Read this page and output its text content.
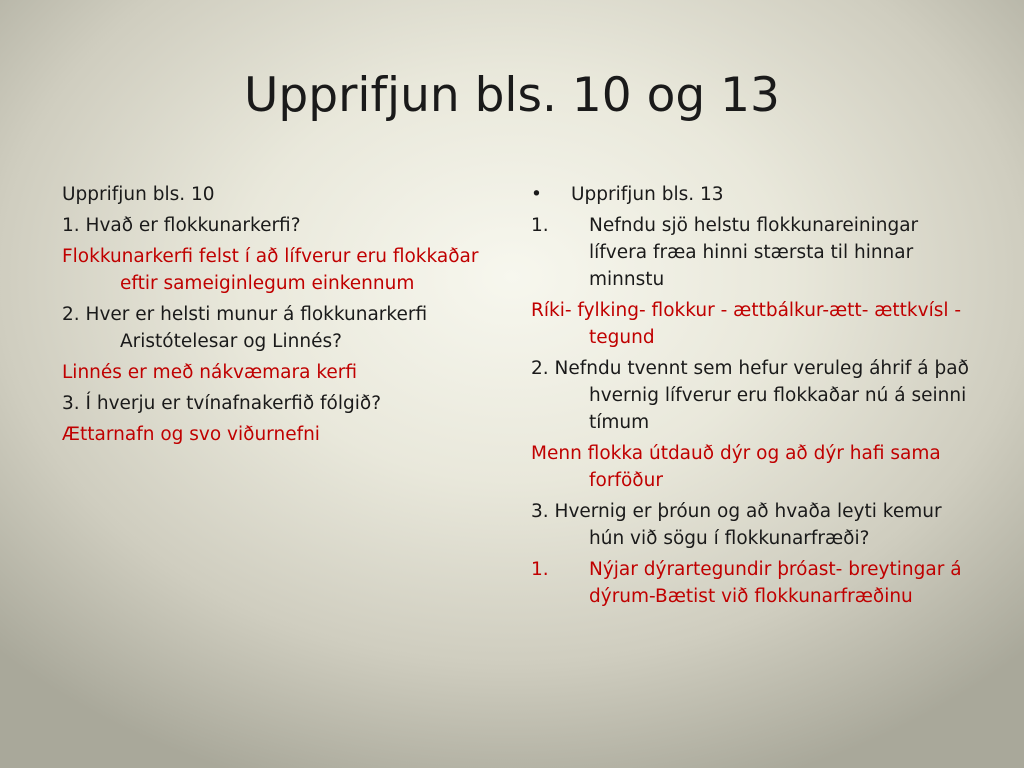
Upprifjun bls. 10 og 13

Upprifjun bls. 10

1. Hvað er flokkunarkerfi?

Flokkunarkerfi felst í að lífverur eru flokkaðar eftir sameiginlegum einkennum

2. Hver er helsti munur á flokkunarkerfi Aristótelesar og Linnés?

Linnés er með nákvæmara kerfi

3. Í hverju er tvínafnakerfið fólgið?

Ættarnafn og svo viðurnefni

•	Upprifjun bls. 13
1.	Nefndu sjö helstu flokkunareiningar lífvera fræa hinni stærsta til hinnar minnstu

Ríki- fylking- flokkur - ættbálkur-ætt- ættkvísl -tegund

2. Nefndu tvennt sem hefur veruleg áhrif á það hvernig lífverur eru flokkaðar nú á seinni tímum

Menn flokka útdauð dýr og að dýr hafi sama forföður

3. Hvernig er þróun og að hvaða leyti kemur hún við sögu í flokkunarfræði?

1.	Nýjar dýrartegundir þróast- breytingar á dýrum-Bætist við flokkunarfræðinu
